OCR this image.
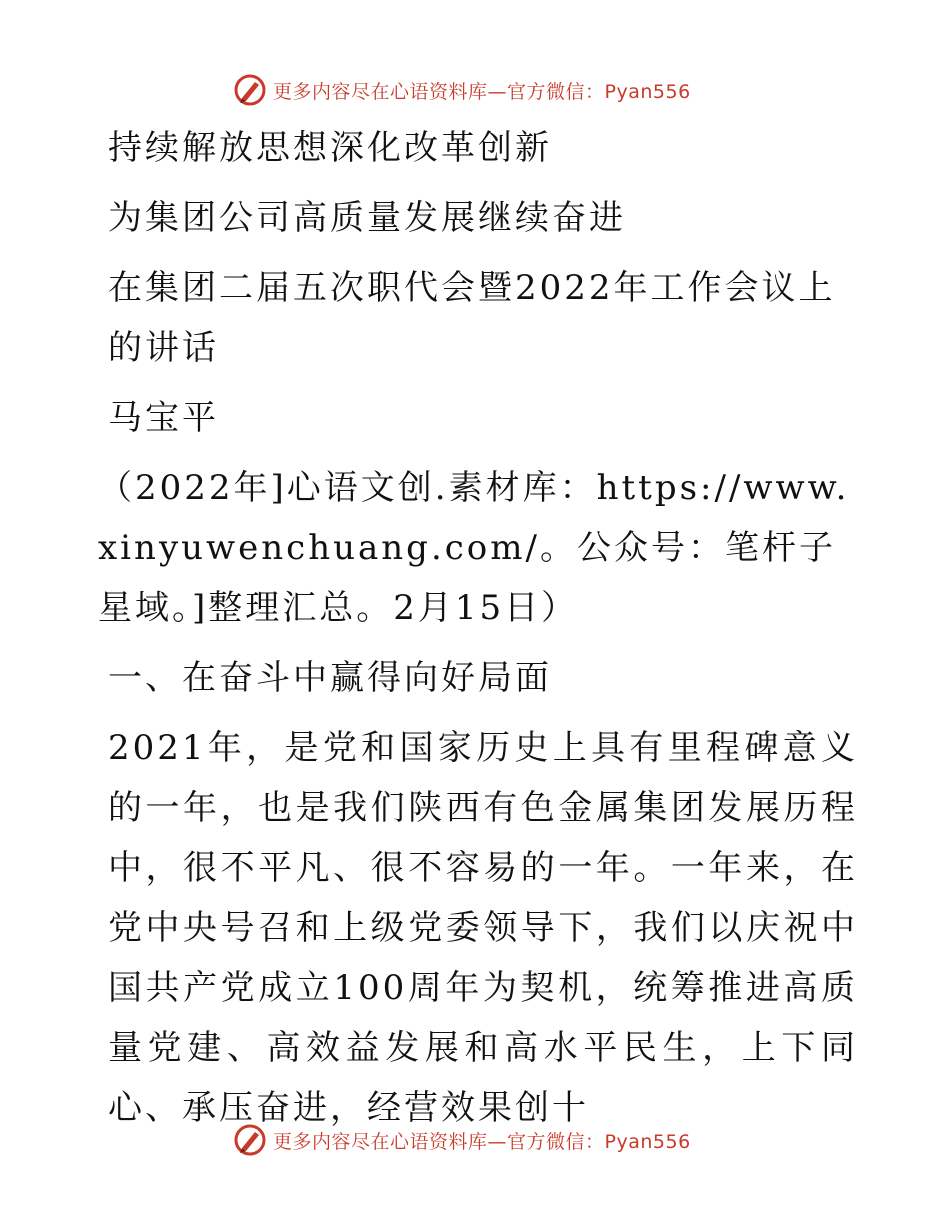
更多内容尽在心语资料库—官方微信：Pyan556

持续解放思想深化改革创新

为集团公司高质量发展继续奋进

在集团二届五次职代会暨2022年工作会议上的讲话

马宝平

（2022年]心语文创.素材库：https://www.xinyuwenchuang.com/。公众号：笔杆子星域。]整理汇总。2月15日）

一、在奋斗中赢得向好局面

2021年，是党和国家历史上具有里程碑意义的一年，也是我们陕西有色金属集团发展历程中，很不平凡、很不容易的一年。一年来，在党中央号召和上级党委领导下，我们以庆祝中国共产党成立100周年为契机，统筹推进高质量党建、高效益发展和高水平民生，上下同心、承压奋进，经营效果创十

更多内容尽在心语资料库—官方微信：Pyan556
